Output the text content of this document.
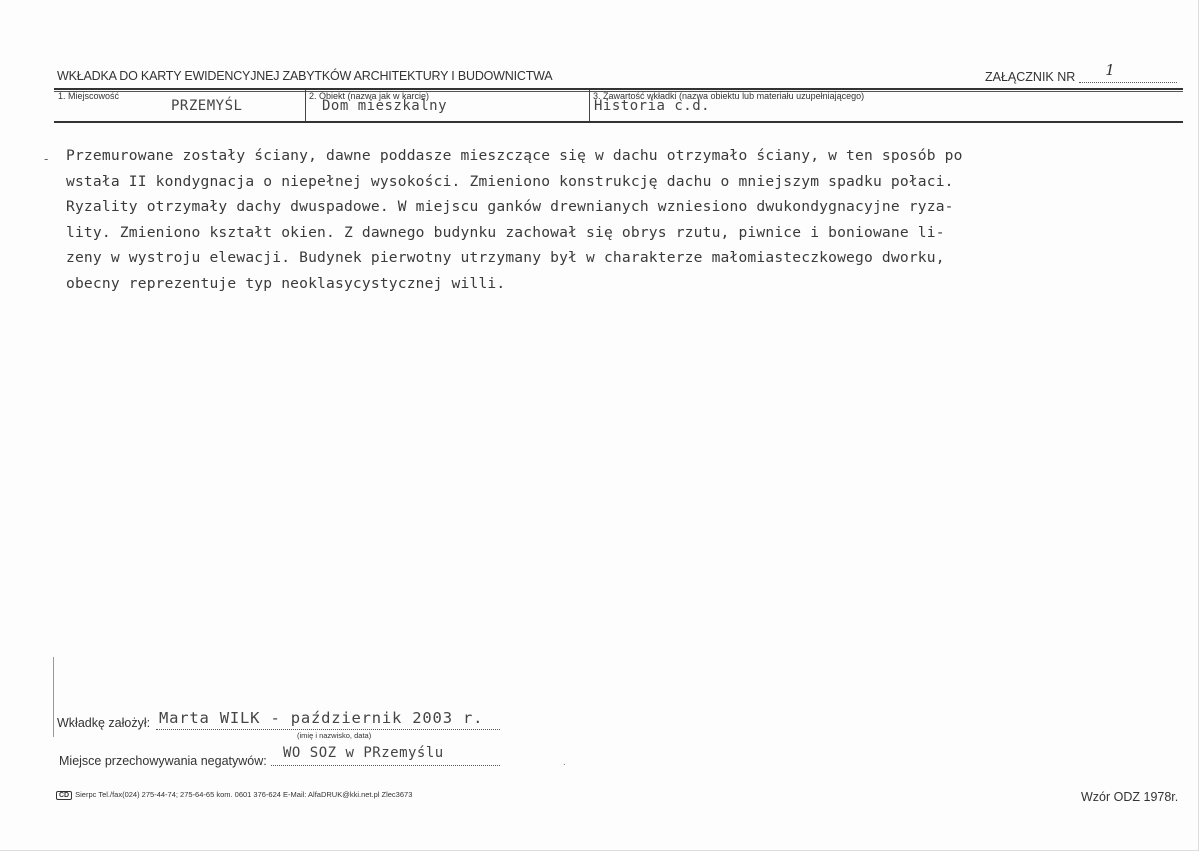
WKŁADKA DO KARTY EWIDENCYJNEJ ZABYTKÓW ARCHITEKTURY I BUDOWNICTWA	ZAŁĄCZNIK NR 1
1. Miejscowość
PRZEMYŚL
2. Obiekt (nazwa jak w karcie)
Dom mieszkalny
3. Zawartość wkładki (nazwa obiektu lub materiału uzupełniającego)
Historia c.d.
- Przemurowane zostały ściany, dawne poddasze mieszczące się w dachu otrzymało ściany, w ten sposób po
wstała II kondygnacja o niepełnej wysokości. Zmieniono konstrukcję dachu o mniejszym spadku połaci.
Ryzality otrzymały dachy dwuspadowe. W miejscu ganków drewnianych wzniesiono dwukondygnacyjne ryza-
lity. Zmieniono kształt okien. Z dawnego budynku zachował się obrys rzutu, piwnice i boniowane li-
zeny w wystroju elewacji. Budynek pierwotny utrzymany był w charakterze małomiasteczkowego dworku,
obecny reprezentuje typ neoklasycystycznej willi.
Wkładkę założył: Marta WILK - październik 2003 r.
(imię i nazwisko, data)
Miejsce przechowywania negatywów: WO SOZ w PRzemyślu
.
CD Sierpc Tel./fax(024) 275-44-74; 275-64-65 kom. 0601 376-624 E-Mail: AlfaDRUK@kki.net.pl Zlec3673	Wzór ODZ 1978r.
